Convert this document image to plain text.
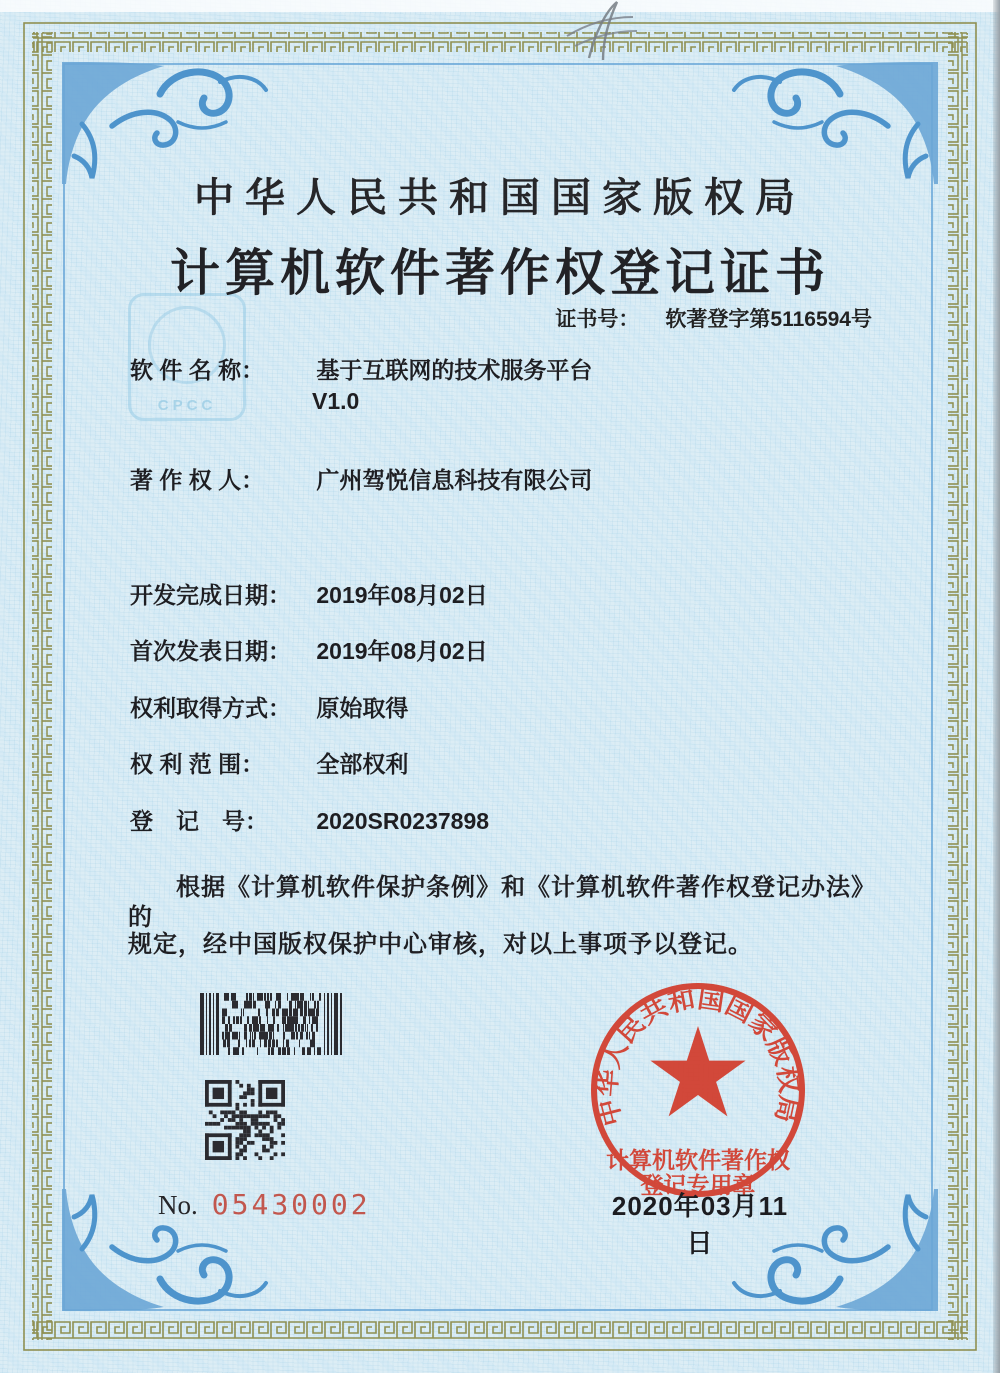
CPCC
中华人民共和国国家版权局
计算机软件著作权登记证书
证书号： 软著登字第5116594号
软 件 名 称： 基于互联网的技术服务平台
V1.0
著 作 权 人： 广州驾悦信息科技有限公司
开发完成日期： 2019年08月02日
首次发表日期： 2019年08月02日
权利取得方式： 原始取得
权 利 范 围： 全部权利
登　记　号： 2020SR0237898
根据《计算机软件保护条例》和《计算机软件著作权登记办法》的
规定，经中国版权保护中心审核，对以上事项予以登记。
No. 05430002
中华人民共和国国家版权局
计算机软件著作权
登记专用章
2020年03月11日
